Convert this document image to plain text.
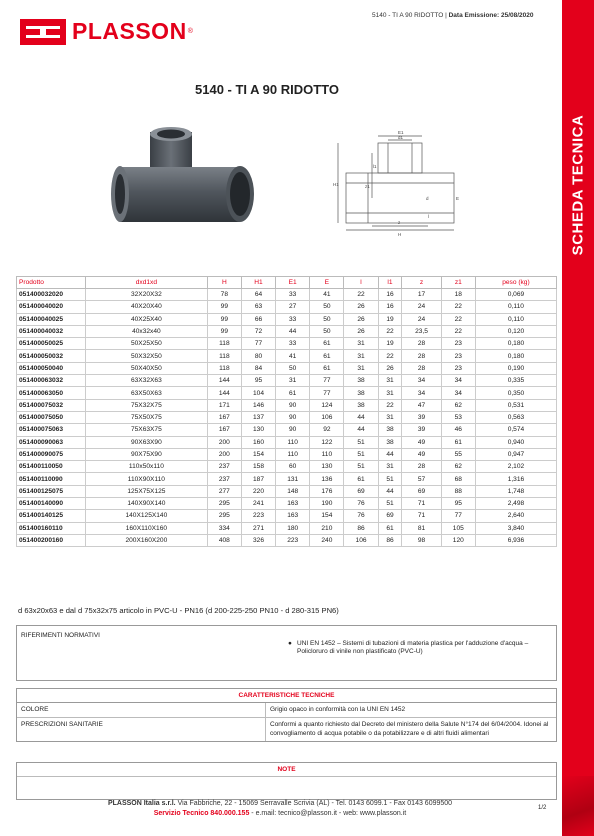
SCHEDA TECNICA
PLASSON ®
5140 - TI A 90 RIDOTTO | Data Emissione: 25/08/2020
5140 - TI A 90 RIDOTTO
E1
d1
E
d
H1	z1
l1
l
z
H
Prodotto	dxd1xd	H	H1	E1	E	l	l1	z	z1	peso (kg)
051400032020	32X20X32	78	64	33	41	22	16	17	18	0,069
051400040020	40X20X40	99	63	27	50	26	16	24	22	0,110
051400040025	40X25X40	99	66	33	50	26	19	24	22	0,110
051400040032	40x32x40	99	72	44	50	26	22	23,5	22	0,120
051400050025	50X25X50	118	77	33	61	31	19	28	23	0,180
051400050032	50X32X50	118	80	41	61	31	22	28	23	0,180
051400050040	50X40X50	118	84	50	61	31	26	28	23	0,190
051400063032	63X32X63	144	95	31	77	38	31	34	34	0,335
051400063050	63X50X63	144	104	61	77	38	31	34	34	0,350
051400075032	75X32X75	171	146	90	124	38	22	47	62	0,531
051400075050	75X50X75	167	137	90	106	44	31	39	53	0,563
051400075063	75X63X75	167	130	90	92	44	38	39	46	0,574
051400090063	90X63X90	200	160	110	122	51	38	49	61	0,940
051400090075	90X75X90	200	154	110	110	51	44	49	55	0,947
051400110050	110x50x110	237	158	60	130	51	31	28	62	2,102
051400110090	110X90X110	237	187	131	136	61	51	57	68	1,316
051400125075	125X75X125	277	220	148	176	69	44	69	88	1,748
051400140090	140X90X140	295	241	163	190	76	51	71	95	2,498
051400140125	140X125X140	295	223	163	154	76	69	71	77	2,640
051400160110	160X110X160	334	271	180	210	86	61	81	105	3,840
051400200160	200X160X200	408	326	223	240	106	86	98	120	6,936
d 63x20x63 e dal d 75x32x75 articolo in PVC-U - PN16 (d 200-225-250 PN10 - d 280-315 PN6)
RIFERIMENTI NORMATIVI
● UNI EN 1452 – Sistemi di tubazioni di materia plastica per l'adduzione d'acqua – Policloruro di vinile non plastificato (PVC-U)
CARATTERISTICHE TECNICHE
COLORE	Grigio opaco in conformità con la UNI EN 1452
PRESCRIZIONI SANITARIE	Conformi a quanto richiesto dal Decreto del ministero della Salute N°174 del 6/04/2004. Idonei al convogliamento di acqua potabile o da potabilizzare e di altri fluidi alimentari
NOTE
PLASSON Italia s.r.l. Via Fabbriche, 22 - 15069 Serravalle Scrivia (AL) - Tel. 0143 6099.1 - Fax 0143 6099500
Servizio Tecnico 840.000.155 - e.mail: tecnico@plasson.it - web: www.plasson.it
1/2
